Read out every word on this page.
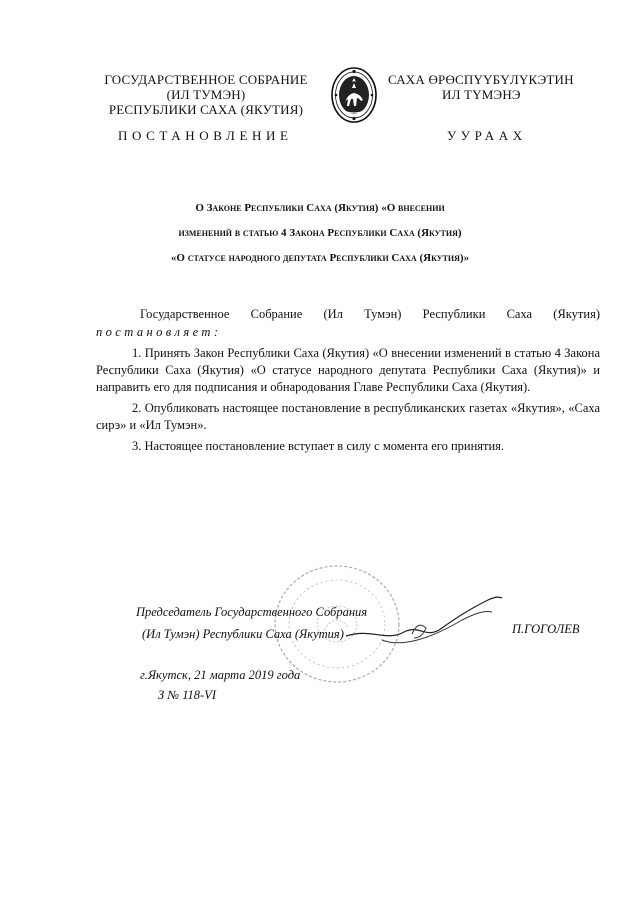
ГОСУДАРСТВЕННОЕ СОБРАНИЕ
(ИЛ ТУМЭН)
РЕСПУБЛИКИ САХА (ЯКУТИЯ)
САХА ӨРӨСПҮҮБҮЛҮКЭТИН
ИЛ ТҮМЭНЭ
ПОСТАНОВЛЕНИЕ	УУРААХ
О Законе Республики Саха (Якутия) «О внесении
изменений в статью 4 Закона Республики Саха (Якутия)
«О статусе народного депутата Республики Саха (Якутия)»

Государственное Собрание (Ил Тумэн) Республики Саха (Якутия)

постановляет:

1. Принять Закон Республики Саха (Якутия) «О внесении изменений в статью 4 Закона Республики Саха (Якутия) «О статусе народного депутата Республики Саха (Якутия)» и направить его для подписания и обнародования Главе Республики Саха (Якутия).

2. Опубликовать настоящее постановление в республиканских газетах «Якутия», «Саха сирэ» и «Ил Тумэн».

3. Настоящее постановление вступает в силу с момента его принятия.

Председатель Государственного Собрания
(Ил Тумэн) Республики Саха (Якутия)	П.ГОГОЛЕВ
г.Якутск, 21 марта 2019 года
З № 118-VI
